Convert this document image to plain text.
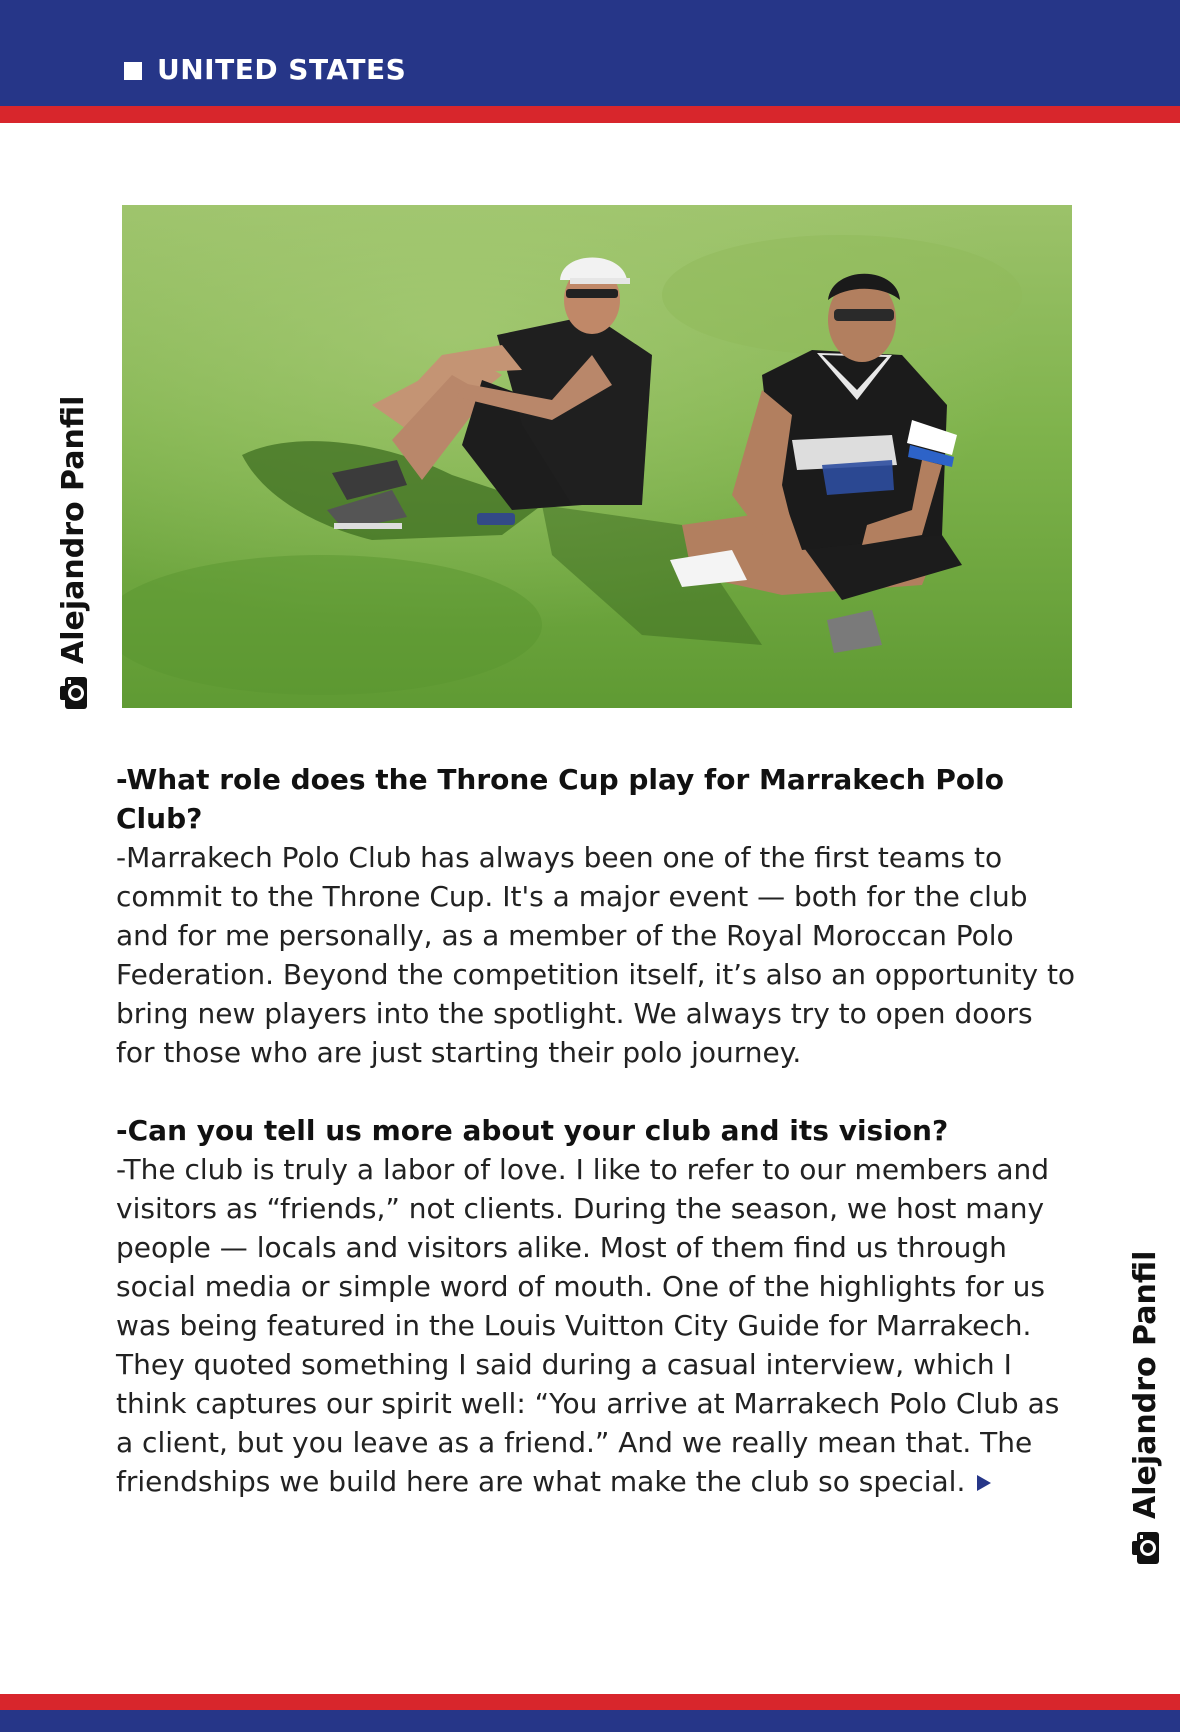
UNITED STATES
Alejandro Panfil
-What role does the Throne Cup play for Marrakech Polo Club?
-Marrakech Polo Club has always been one of the first teams to commit to the Throne Cup. It's a major event — both for the club and for me personally, as a member of the Royal Moroccan Polo Federation. Beyond the competition itself, it’s also an opportunity to bring new players into the spotlight. We always try to open doors for those who are just starting their polo journey.
-Can you tell us more about your club and its vision?
-The club is truly a labor of love. I like to refer to our members and visitors as “friends,” not clients. During the season, we host many people — locals and visitors alike. Most of them find us through social media or simple word of mouth. One of the highlights for us was being featured in the Louis Vuitton City Guide for Marrakech. They quoted something I said during a casual interview, which I think captures our spirit well: “You arrive at Marrakech Polo Club as a client, but you leave as a friend.” And we really mean that. The friendships we build here are what make the club so special.	Alejandro Panfil
